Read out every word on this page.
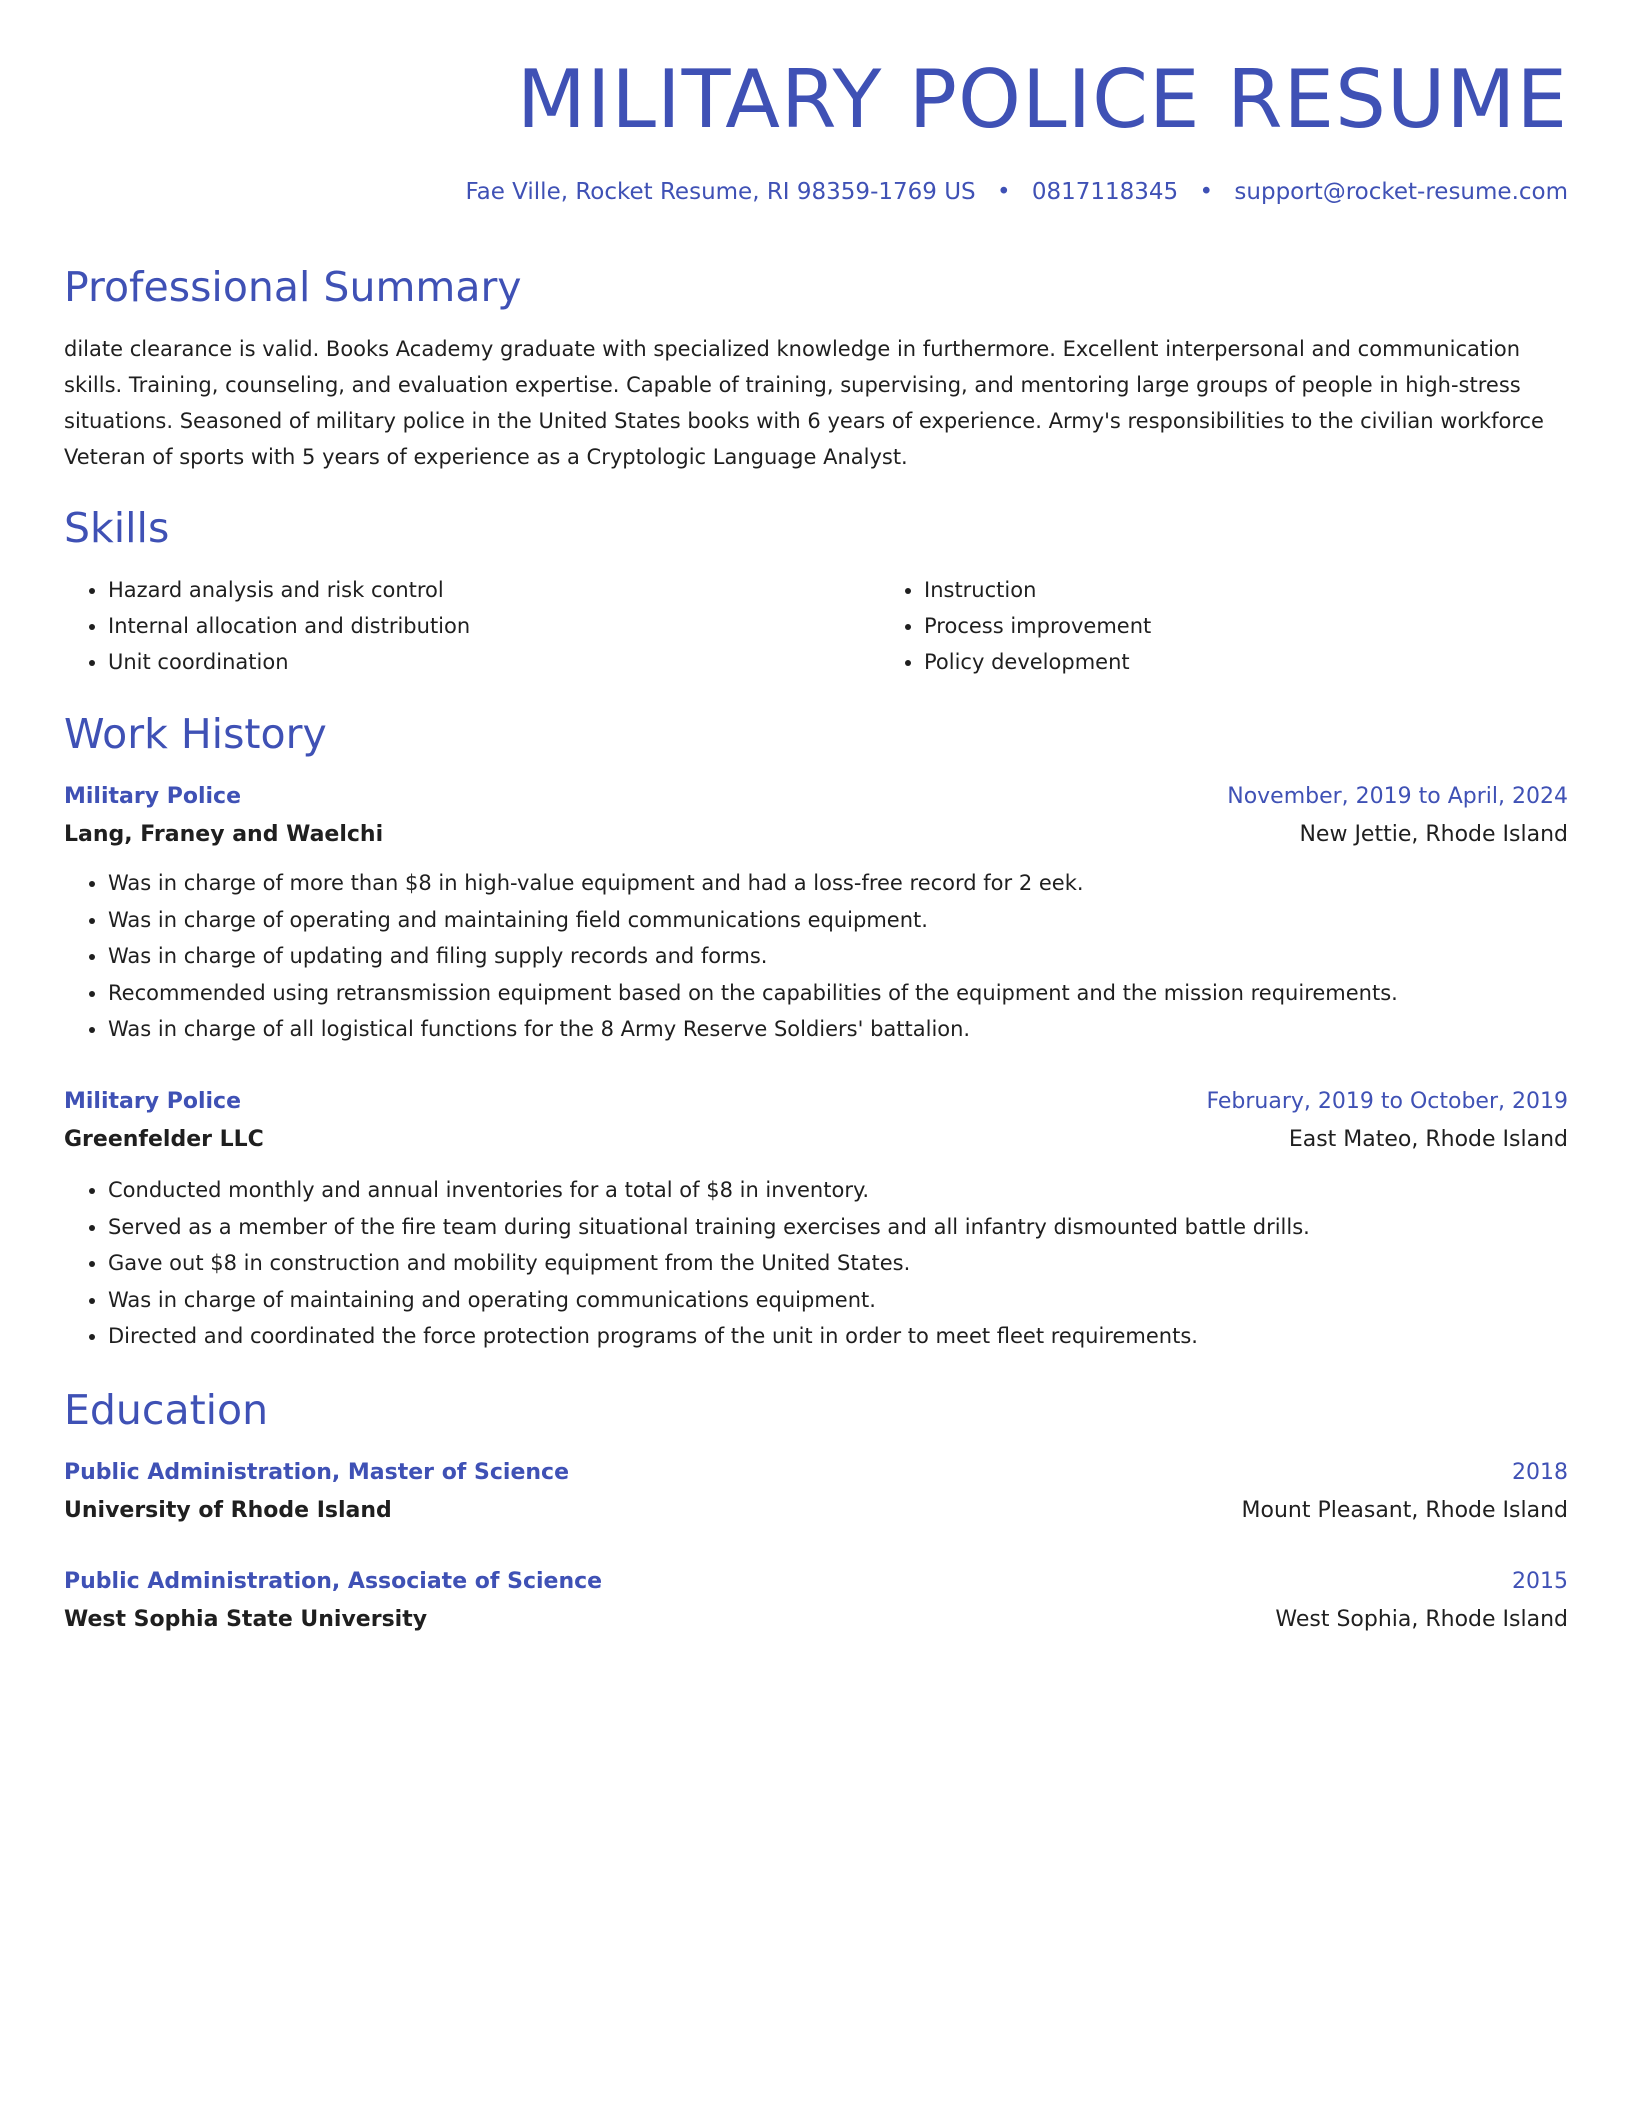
MILITARY POLICE RESUME
Fae Ville, Rocket Resume, RI 98359-1769 US • 0817118345 • support@rocket-resume.com
Professional Summary

dilate clearance is valid. Books Academy graduate with specialized knowledge in furthermore. Excellent interpersonal and communication skills. Training, counseling, and evaluation expertise. Capable of training, supervising, and mentoring large groups of people in high-stress situations. Seasoned of military police in the United States books with 6 years of experience. Army's responsibilities to the civilian workforce Veteran of sports with 5 years of experience as a Cryptologic Language Analyst.

Skills
• Hazard analysis and risk control
• Internal allocation and distribution
• Unit coordination
• Instruction
• Process improvement
• Policy development
Work History
Military Police	November, 2019 to April, 2024
Lang, Franey and Waelchi	New Jettie, Rhode Island
• Was in charge of more than $8 in high-value equipment and had a loss-free record for 2 eek.
• Was in charge of operating and maintaining field communications equipment.
• Was in charge of updating and filing supply records and forms.
• Recommended using retransmission equipment based on the capabilities of the equipment and the mission requirements.
• Was in charge of all logistical functions for the 8 Army Reserve Soldiers' battalion.
Military Police	February, 2019 to October, 2019
Greenfelder LLC	East Mateo, Rhode Island
• Conducted monthly and annual inventories for a total of $8 in inventory.
• Served as a member of the fire team during situational training exercises and all infantry dismounted battle drills.
• Gave out $8 in construction and mobility equipment from the United States.
• Was in charge of maintaining and operating communications equipment.
• Directed and coordinated the force protection programs of the unit in order to meet fleet requirements.
Education
Public Administration, Master of Science	2018
University of Rhode Island	Mount Pleasant, Rhode Island
Public Administration, Associate of Science	2015
West Sophia State University	West Sophia, Rhode Island
